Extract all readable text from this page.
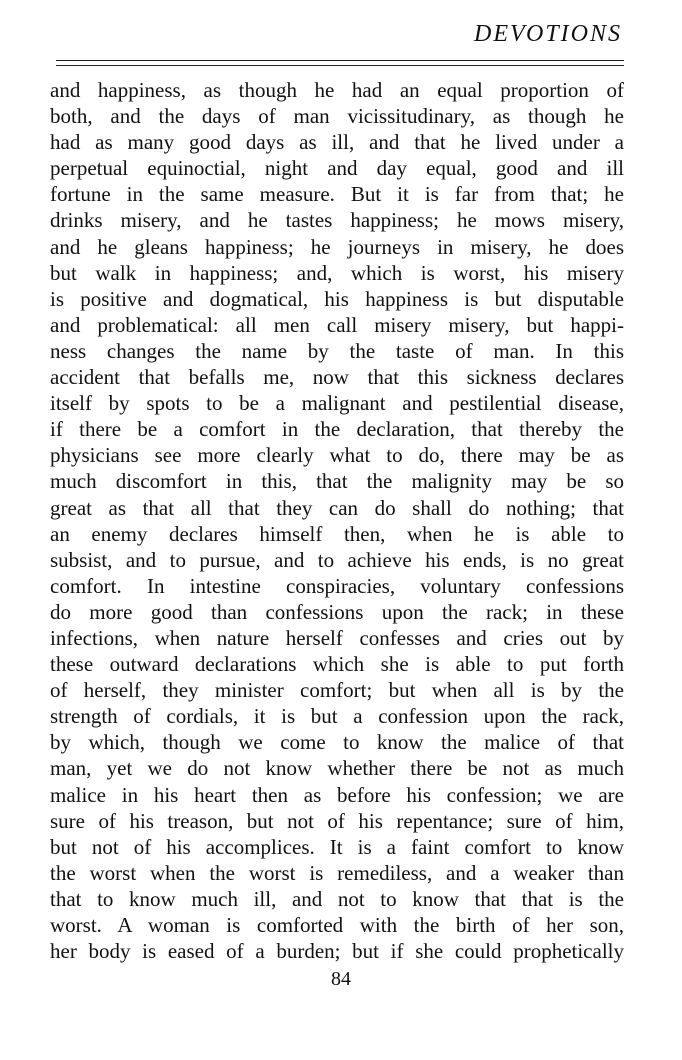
DEVOTIONS
and happiness, as though he had an equal proportion of
both, and the days of man vicissitudinary, as though he
had as many good days as ill, and that he lived under a
perpetual equinoctial, night and day equal, good and ill
fortune in the same measure. But it is far from that; he
drinks misery, and he tastes happiness; he mows misery,
and he gleans happiness; he journeys in misery, he does
but walk in happiness; and, which is worst, his misery
is positive and dogmatical, his happiness is but disputable
and problematical: all men call misery misery, but happi-
ness changes the name by the taste of man. In this
accident that befalls me, now that this sickness declares
itself by spots to be a malignant and pestilential disease,
if there be a comfort in the declaration, that thereby the
physicians see more clearly what to do, there may be as
much discomfort in this, that the malignity may be so
great as that all that they can do shall do nothing; that
an enemy declares himself then, when he is able to
subsist, and to pursue, and to achieve his ends, is no great
comfort. In intestine conspiracies, voluntary confessions
do more good than confessions upon the rack; in these
infections, when nature herself confesses and cries out by
these outward declarations which she is able to put forth
of herself, they minister comfort; but when all is by the
strength of cordials, it is but a confession upon the rack,
by which, though we come to know the malice of that
man, yet we do not know whether there be not as much
malice in his heart then as before his confession; we are
sure of his treason, but not of his repentance; sure of him,
but not of his accomplices. It is a faint comfort to know
the worst when the worst is remediless, and a weaker than
that to know much ill, and not to know that that is the
worst. A woman is comforted with the birth of her son,
her body is eased of a burden; but if she could prophetically
84
